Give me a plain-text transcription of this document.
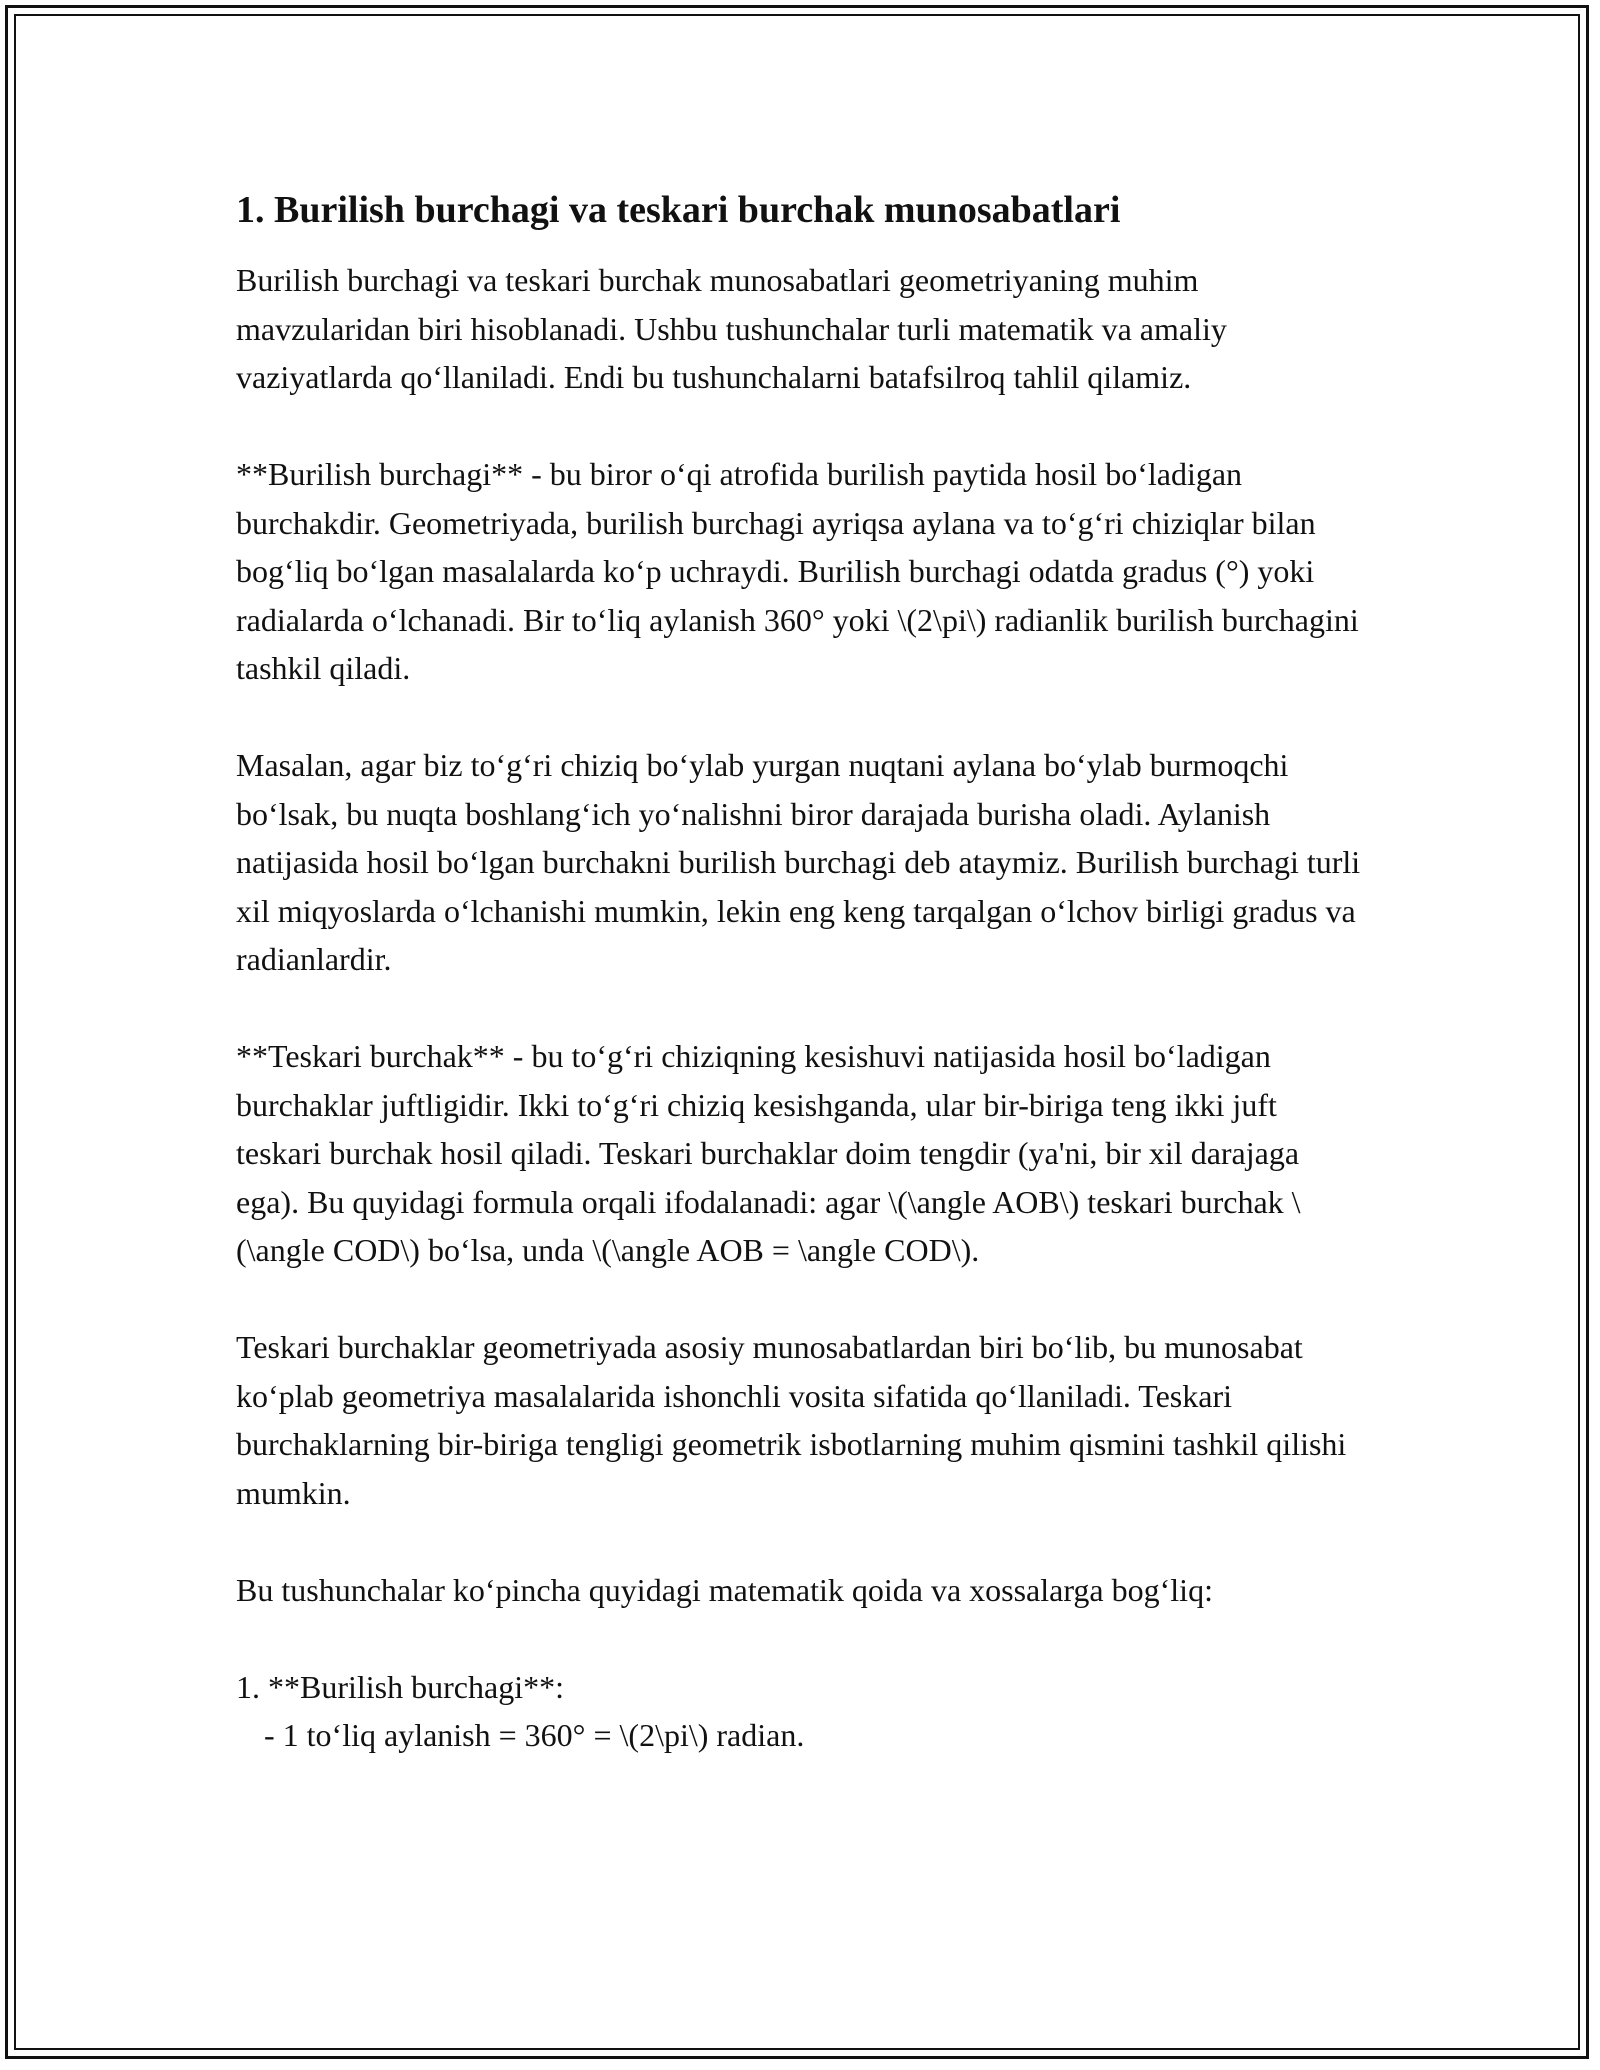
1. Burilish burchagi va teskari burchak munosabatlari

Burilish burchagi va teskari burchak munosabatlari geometriyaning muhim mavzularidan biri hisoblanadi. Ushbu tushunchalar turli matematik va amaliy vaziyatlarda qo‘llaniladi. Endi bu tushunchalarni batafsilroq tahlil qilamiz.

**Burilish burchagi** - bu biror o‘qi atrofida burilish paytida hosil bo‘ladigan burchakdir. Geometriyada, burilish burchagi ayriqsa aylana va to‘g‘ri chiziqlar bilan bog‘liq bo‘lgan masalalarda ko‘p uchraydi. Burilish burchagi odatda gradus (°) yoki radialarda o‘lchanadi. Bir to‘liq aylanish 360° yoki \(2\pi\) radianlik burilish burchagini tashkil qiladi.

Masalan, agar biz to‘g‘ri chiziq bo‘ylab yurgan nuqtani aylana bo‘ylab burmoqchi bo‘lsak, bu nuqta boshlang‘ich yo‘nalishni biror darajada burisha oladi. Aylanish natijasida hosil bo‘lgan burchakni burilish burchagi deb ataymiz. Burilish burchagi turli xil miqyoslarda o‘lchanishi mumkin, lekin eng keng tarqalgan o‘lchov birligi gradus va radianlardir.

**Teskari burchak** - bu to‘g‘ri chiziqning kesishuvi natijasida hosil bo‘ladigan burchaklar juftligidir. Ikki to‘g‘ri chiziq kesishganda, ular bir-biriga teng ikki juft teskari burchak hosil qiladi. Teskari burchaklar doim tengdir (ya'ni, bir xil darajaga ega). Bu quyidagi formula orqali ifodalanadi: agar \(\angle AOB\) teskari burchak \(\angle COD\) bo‘lsa, unda \(\angle AOB = \angle COD\).

Teskari burchaklar geometriyada asosiy munosabatlardan biri bo‘lib, bu munosabat ko‘plab geometriya masalalarida ishonchli vosita sifatida qo‘llaniladi. Teskari burchaklarning bir-biriga tengligi geometrik isbotlarning muhim qismini tashkil qilishi mumkin.

Bu tushunchalar ko‘pincha quyidagi matematik qoida va xossalarga bog‘liq:

1. **Burilish burchagi**:

- 1 to‘liq aylanish = 360° = \(2\pi\) radian.
